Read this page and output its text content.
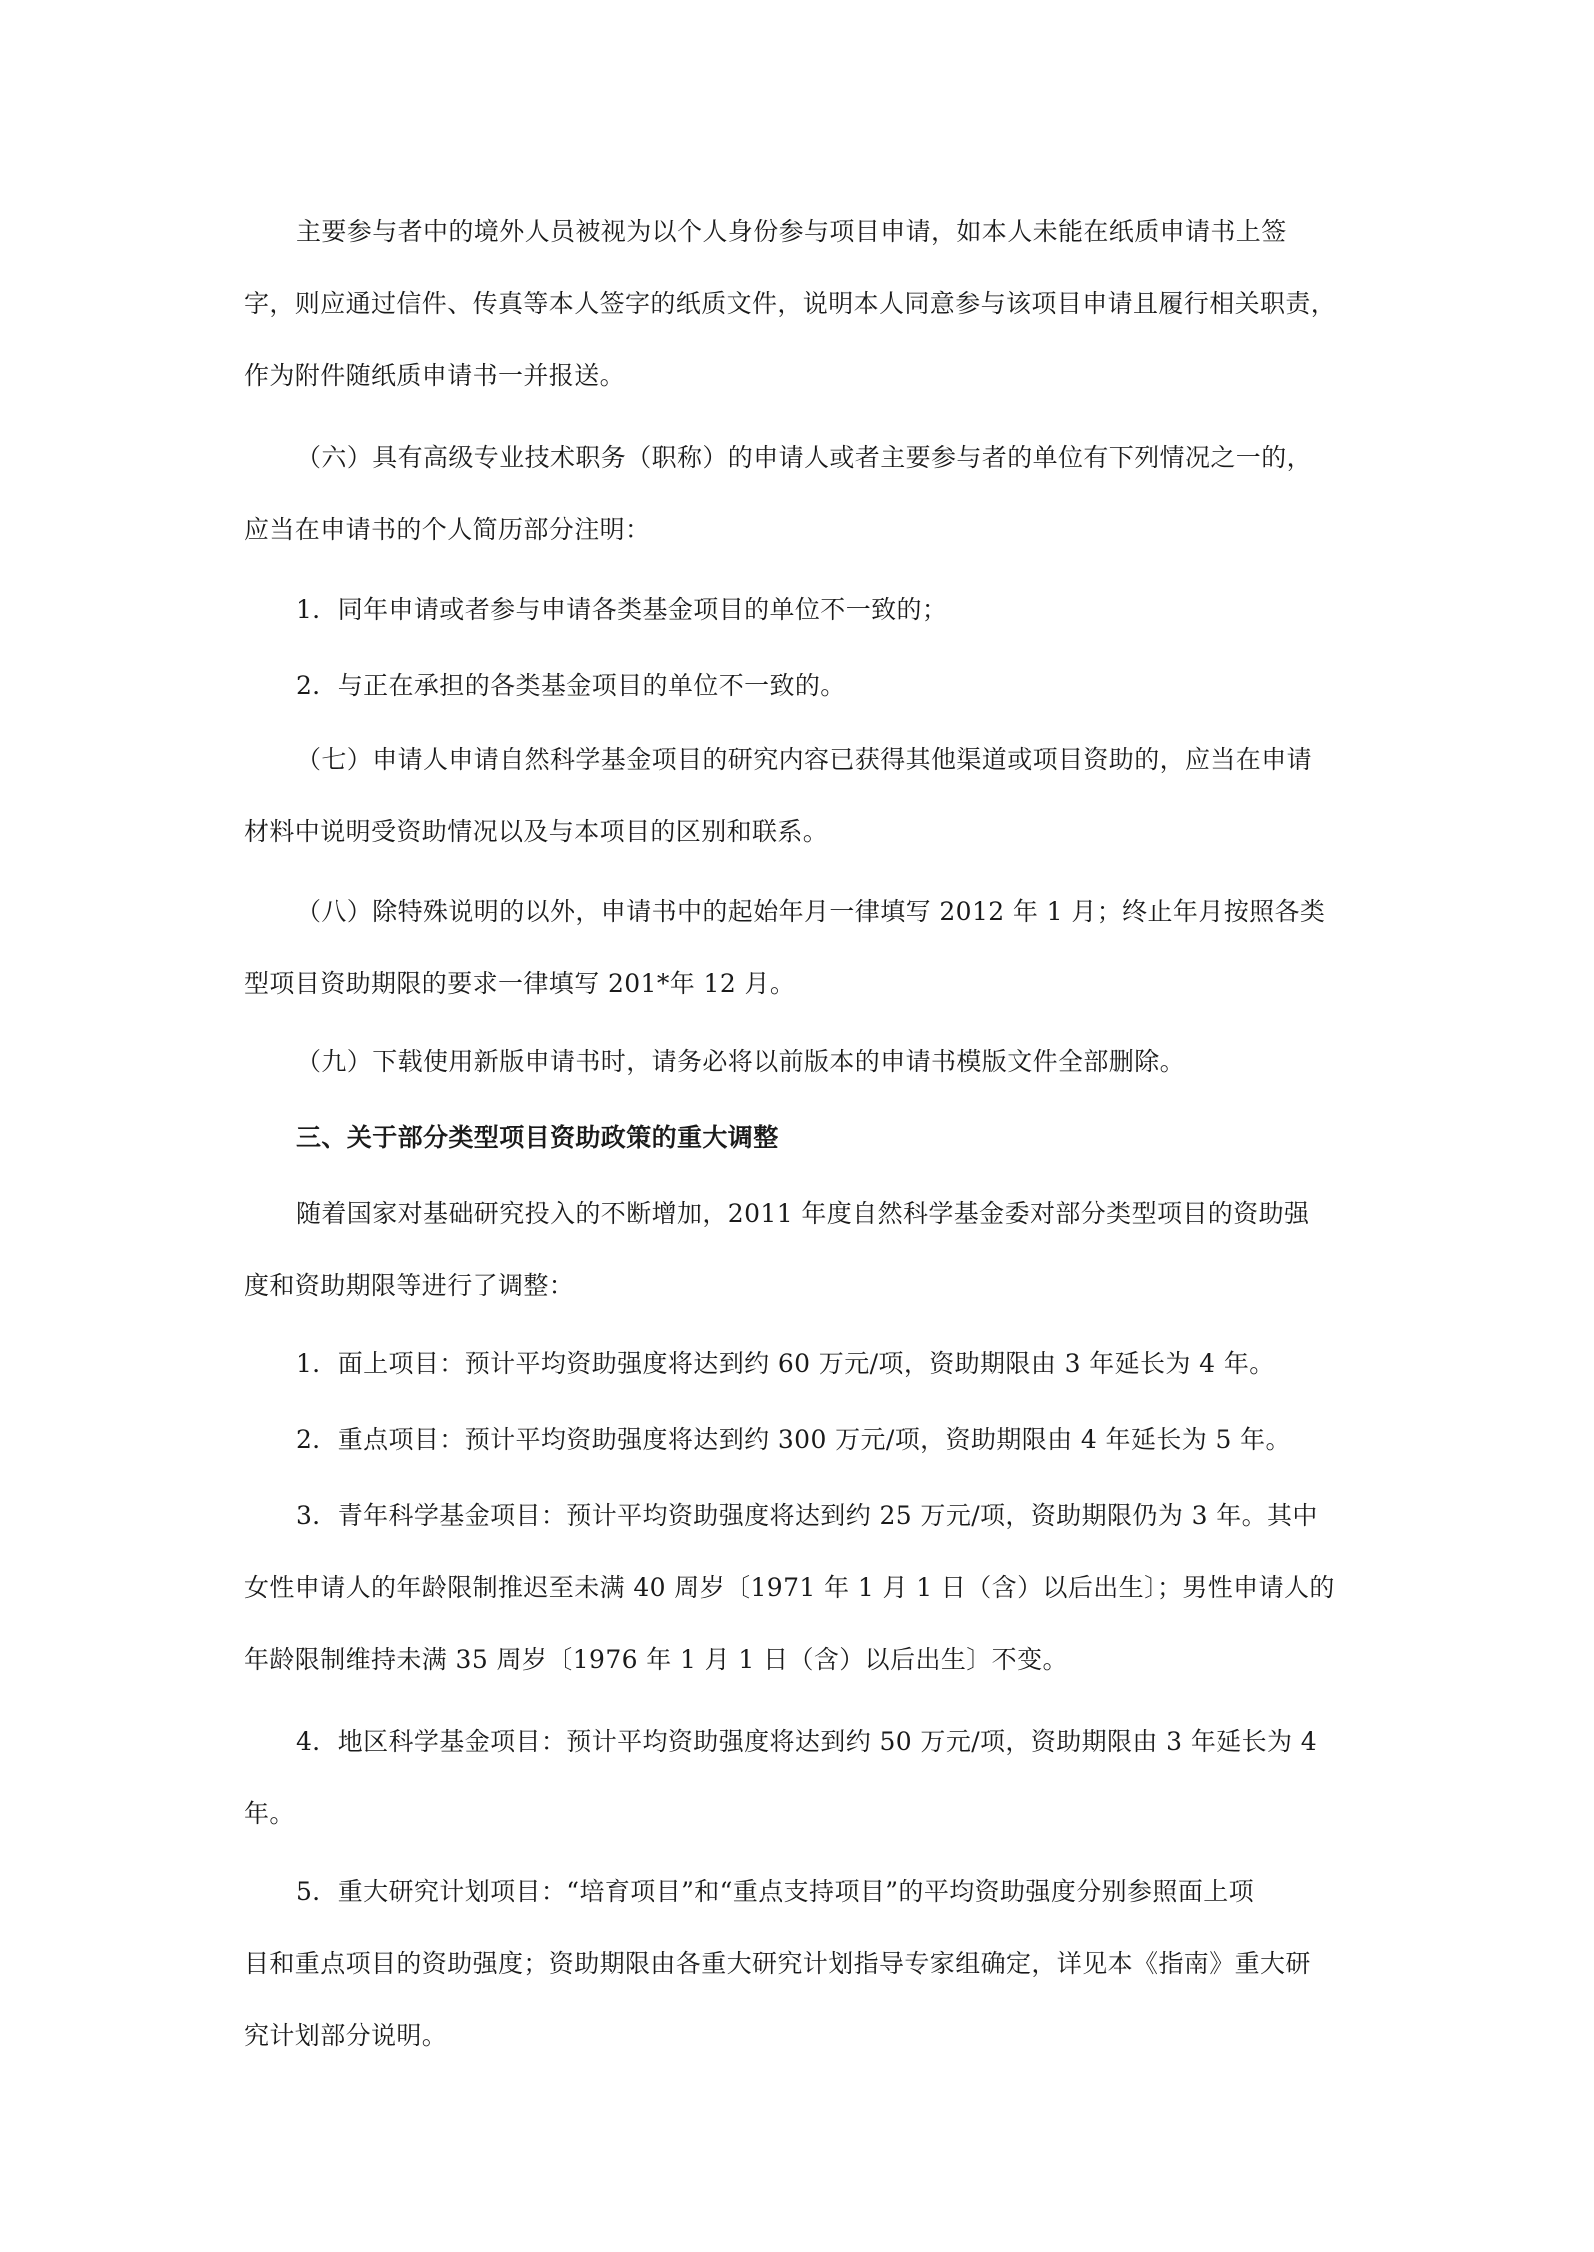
主要参与者中的境外人员被视为以个人身份参与项目申请，如本人未能在纸质申请书上签
字，则应通过信件、传真等本人签字的纸质文件，说明本人同意参与该项目申请且履行相关职责，
作为附件随纸质申请书一并报送。
（六）具有高级专业技术职务（职称）的申请人或者主要参与者的单位有下列情况之一的，
应当在申请书的个人简历部分注明：
1．同年申请或者参与申请各类基金项目的单位不一致的；
2．与正在承担的各类基金项目的单位不一致的。
（七）申请人申请自然科学基金项目的研究内容已获得其他渠道或项目资助的，应当在申请
材料中说明受资助情况以及与本项目的区别和联系。
（八）除特殊说明的以外，申请书中的起始年月一律填写 2012 年 1 月；终止年月按照各类
型项目资助期限的要求一律填写 201*年 12 月。
（九）下载使用新版申请书时，请务必将以前版本的申请书模版文件全部删除。
三、关于部分类型项目资助政策的重大调整
随着国家对基础研究投入的不断增加，2011 年度自然科学基金委对部分类型项目的资助强
度和资助期限等进行了调整：
1．面上项目：预计平均资助强度将达到约 60 万元/项，资助期限由 3 年延长为 4 年。
2．重点项目：预计平均资助强度将达到约 300 万元/项，资助期限由 4 年延长为 5 年。
3．青年科学基金项目：预计平均资助强度将达到约 25 万元/项，资助期限仍为 3 年。其中
女性申请人的年龄限制推迟至未满 40 周岁〔1971 年 1 月 1 日（含）以后出生〕；男性申请人的
年龄限制维持未满 35 周岁〔1976 年 1 月 1 日（含）以后出生〕不变。
4．地区科学基金项目：预计平均资助强度将达到约 50 万元/项，资助期限由 3 年延长为 4
年。
5．重大研究计划项目：“培育项目”和“重点支持项目”的平均资助强度分别参照面上项
目和重点项目的资助强度；资助期限由各重大研究计划指导专家组确定，详见本《指南》重大研
究计划部分说明。
